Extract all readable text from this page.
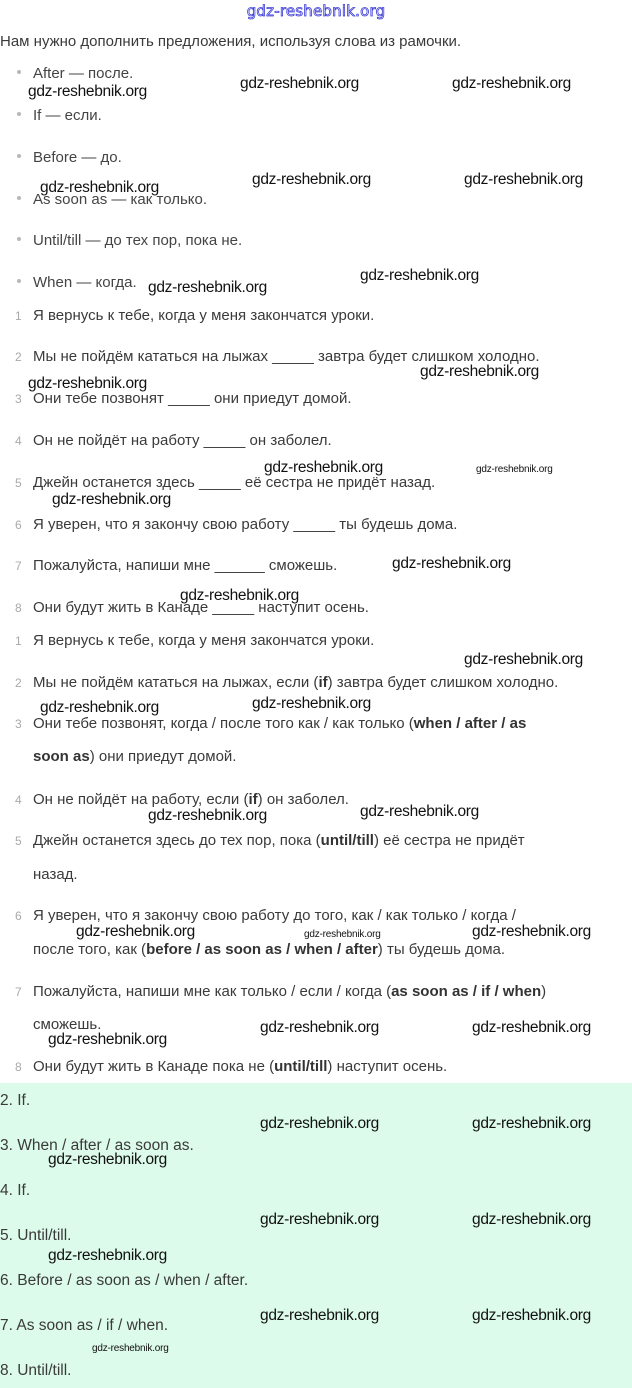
gdz-reshebnik.org
Нам нужно дополнить предложения, используя слова из рамочки.
After — после.
If — если.
Before — до.
As soon as — как только.
Until/till — до тех пор, пока не.
When — когда.
1 Я вернусь к тебе, когда у меня закончатся уроки.
2 Мы не пойдём кататься на лыжах _____ завтра будет слишком холодно.
3 Они тебе позвонят _____ они приедут домой.
4 Он не пойдёт на работу _____ он заболел.
5 Джейн останется здесь _____ её сестра не придёт назад.
6 Я уверен, что я закончу свою работу _____ ты будешь дома.
7 Пожалуйста, напиши мне ______ сможешь.
8 Они будут жить в Канаде _____ наступит осень.
1 Я вернусь к тебе, когда у меня закончатся уроки.
2 Мы не пойдём кататься на лыжах, если (if) завтра будет слишком холодно.
3 Они тебе позвонят, когда / после того как / как только (when / after / as
soon as) они приедут домой.
4 Он не пойдёт на работу, если (if) он заболел.
5 Джейн останется здесь до тех пор, пока (until/till) её сестра не придёт
назад.
6 Я уверен, что я закончу свою работу до того, как / как только / когда /
после того, как (before / as soon as / when / after) ты будешь дома.
7 Пожалуйста, напиши мне как только / если / когда (as soon as / if / when)
сможешь.
8 Они будут жить в Канаде пока не (until/till) наступит осень.
2. If.
3. When / after / as soon as.
4. If.
5. Until/till.
6. Before / as soon as / when / after.
7. As soon as / if / when.
8. Until/till.
gdz-reshebnik.org	gdz-reshebnik.org	gdz-reshebnik.org
gdz-reshebnik.org	gdz-reshebnik.org	gdz-reshebnik.org
gdz-reshebnik.org
gdz-reshebnik.org
gdz-reshebnik.org
gdz-reshebnik.org
gdz-reshebnik.org	gdz-reshebnik.org
gdz-reshebnik.org
gdz-reshebnik.org
gdz-reshebnik.org
gdz-reshebnik.org
gdz-reshebnik.org	gdz-reshebnik.org
gdz-reshebnik.org	gdz-reshebnik.org
gdz-reshebnik.org	gdz-reshebnik.org	gdz-reshebnik.org
gdz-reshebnik.org
gdz-reshebnik.org	gdz-reshebnik.org
gdz-reshebnik.org	gdz-reshebnik.org
gdz-reshebnik.org
gdz-reshebnik.org	gdz-reshebnik.org
gdz-reshebnik.org
gdz-reshebnik.org	gdz-reshebnik.org
gdz-reshebnik.org
